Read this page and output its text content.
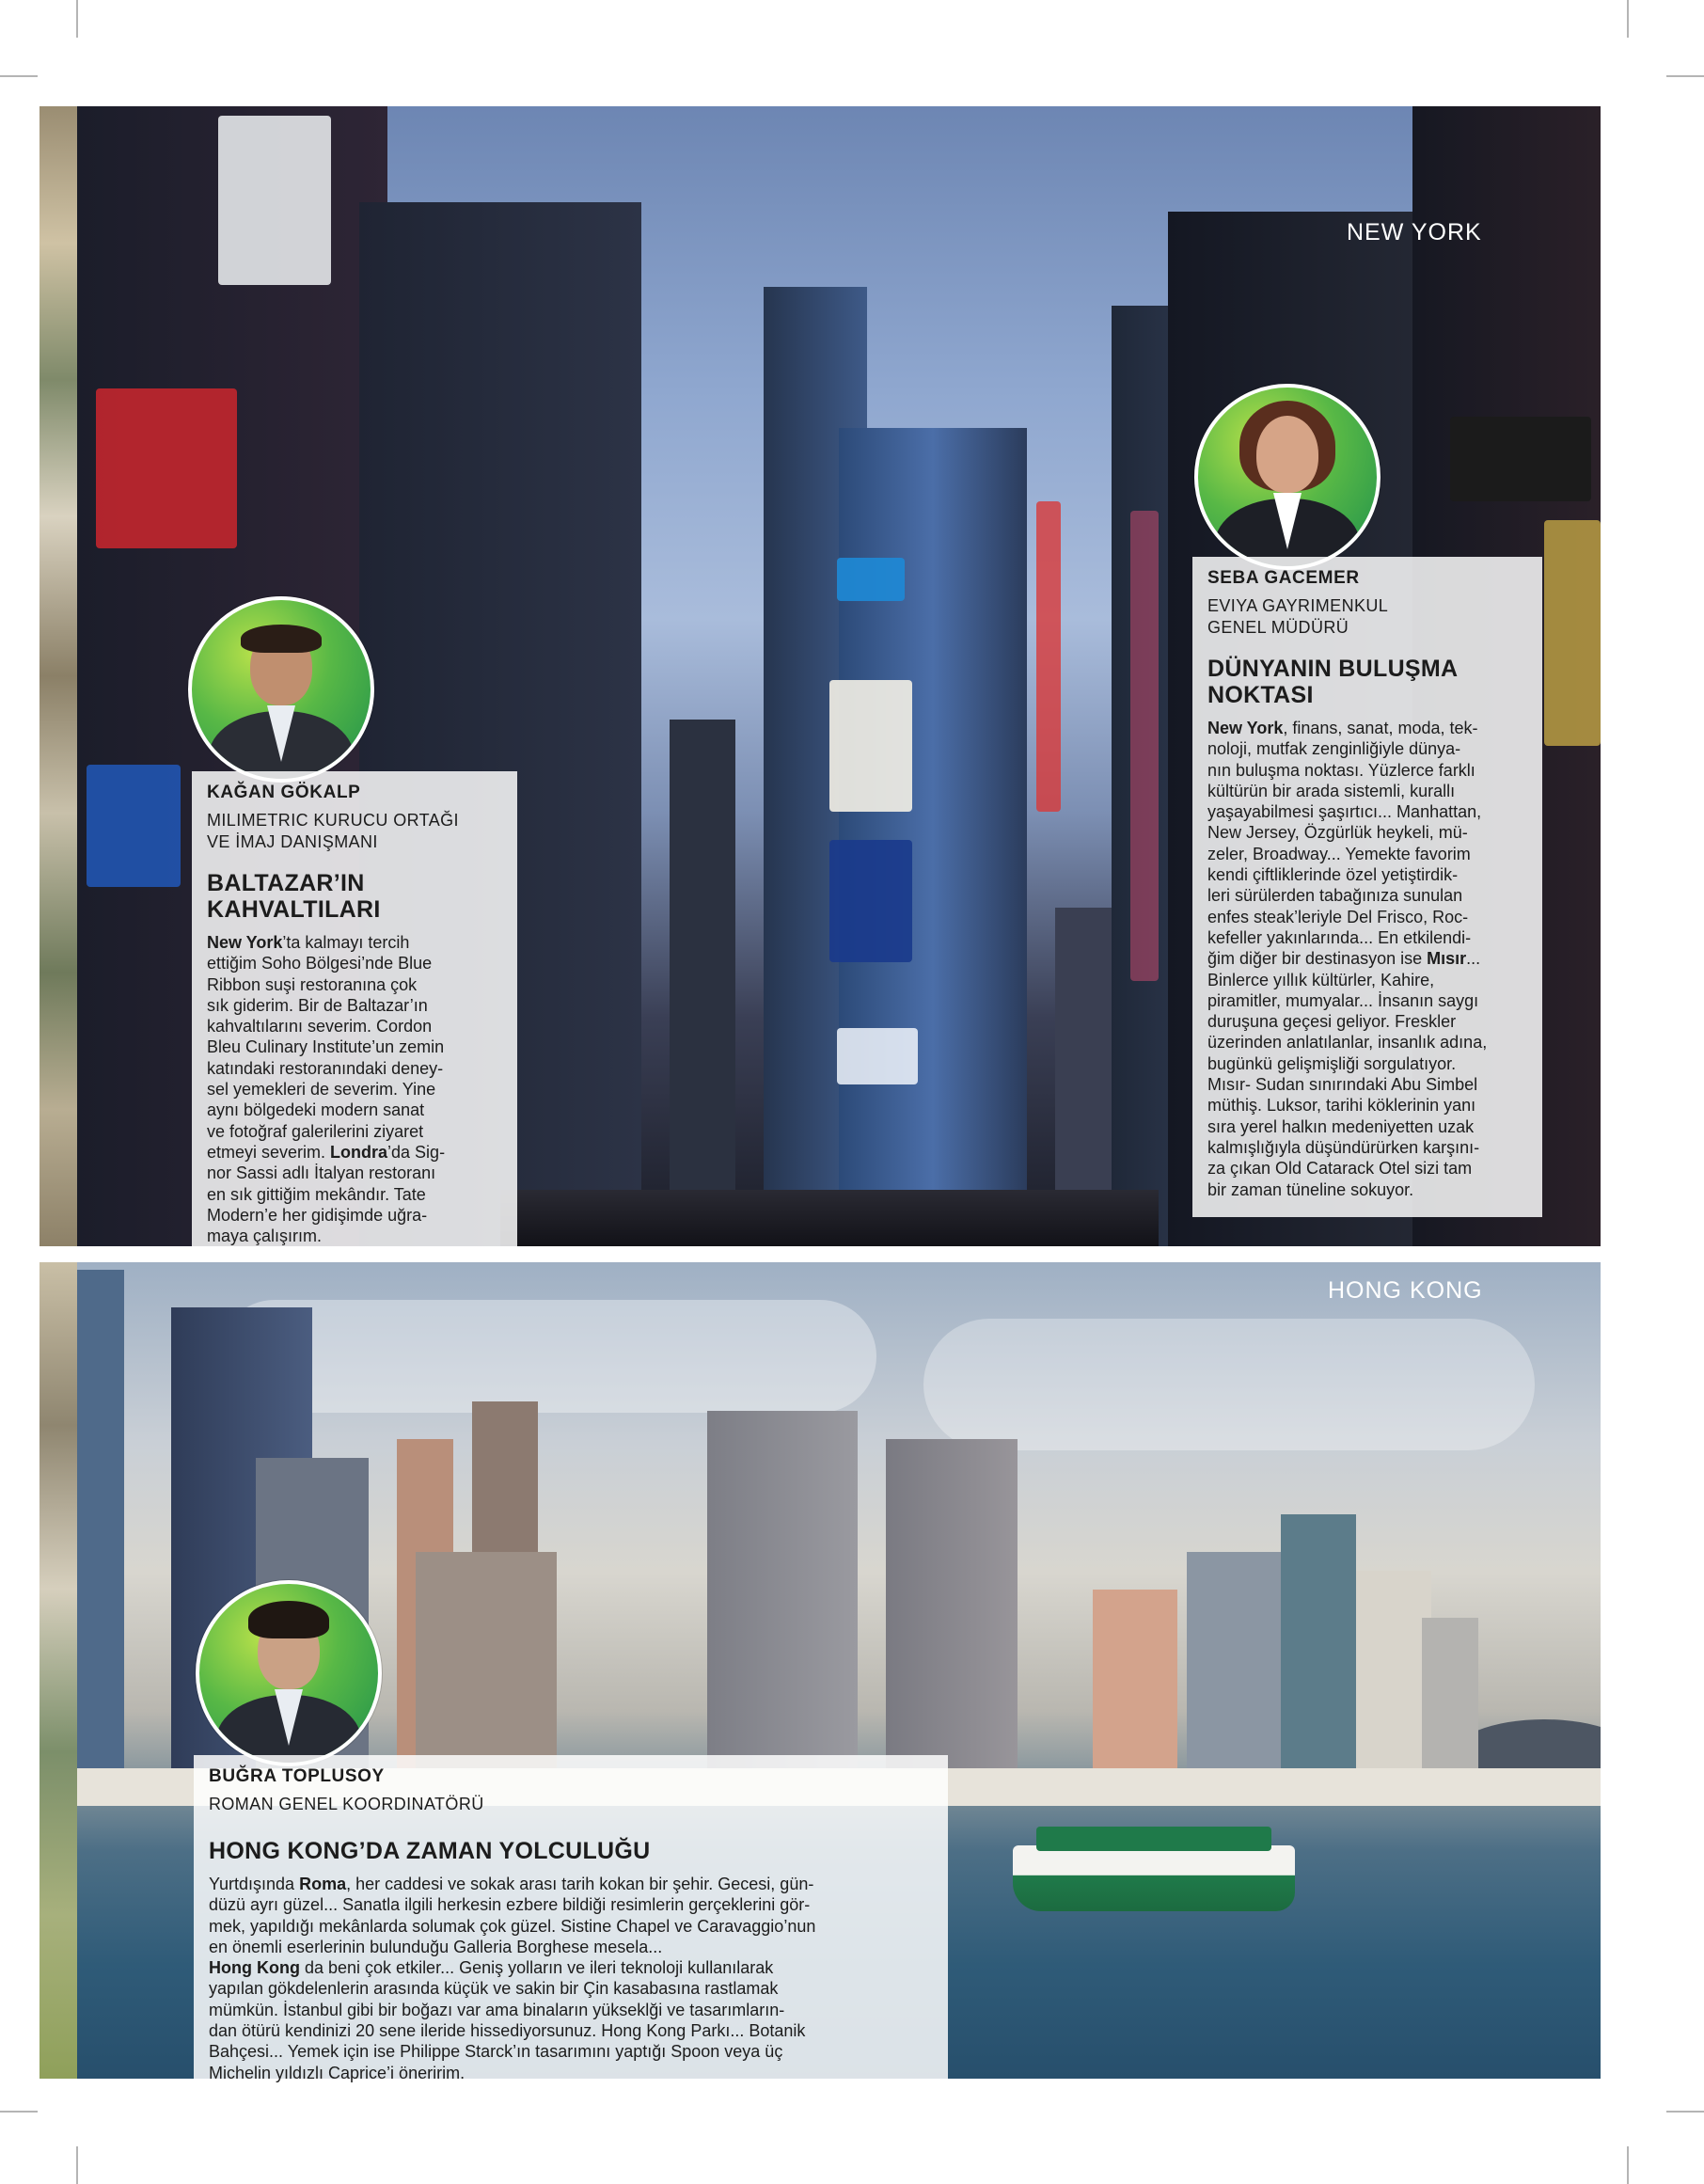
NEW YORK
HONG KONG

KAĞAN GÖKALP

MILIMETRIC KURUCU ORTAĞI
VE İMAJ DANIŞMANI

BALTAZAR’IN
KAHVALTILARI

New York’ta kalmayı tercih
ettiğim Soho Bölgesi’nde Blue
Ribbon suşi restoranına çok
sık giderim. Bir de Baltazar’ın
kahvaltılarını severim. Cordon
Bleu Culinary Institute’un zemin
katındaki restoranındaki deney-
sel yemekleri de severim. Yine
aynı bölgedeki modern sanat
ve fotoğraf galerilerini ziyaret
etmeyi severim. Londra’da Sig-
nor Sassi adlı İtalyan restoranı
en sık gittiğim mekândır. Tate
Modern’e her gidişimde uğra-
maya çalışırım.

SEBA GACEMER

EVIYA GAYRIMENKUL
GENEL MÜDÜRÜ

DÜNYANIN BULUŞMA
NOKTASI

New York, finans, sanat, moda, tek-
noloji, mutfak zenginliğiyle dünya-
nın buluşma noktası. Yüzlerce farklı
kültürün bir arada sistemli, kurallı
yaşayabilmesi şaşırtıcı... Manhattan,
New Jersey, Özgürlük heykeli, mü-
zeler, Broadway... Yemekte favorim
kendi çiftliklerinde özel yetiştirdik-
leri sürülerden tabağınıza sunulan
enfes steak’leriyle Del Frisco, Roc-
kefeller yakınlarında... En etkilendi-
ğim diğer bir destinasyon ise Mısır...
Binlerce yıllık kültürler, Kahire,
piramitler, mumyalar... İnsanın saygı
duruşuna geçesi geliyor. Freskler
üzerinden anlatılanlar, insanlık adına,
bugünkü gelişmişliği sorgulatıyor.
Mısır- Sudan sınırındaki Abu Simbel
müthiş. Luksor, tarihi köklerinin yanı
sıra yerel halkın medeniyetten uzak
kalmışlığıyla düşündürürken karşını-
za çıkan Old Catarack Otel sizi tam
bir zaman tüneline sokuyor.

BUĞRA TOPLUSOY

ROMAN GENEL KOORDINATÖRÜ

HONG KONG’DA ZAMAN YOLCULUĞU

Yurtdışında Roma, her caddesi ve sokak arası tarih kokan bir şehir. Gecesi, gün-
düzü ayrı güzel... Sanatla ilgili herkesin ezbere bildiği resimlerin gerçeklerini gör-
mek, yapıldığı mekânlarda solumak çok güzel. Sistine Chapel ve Caravaggio’nun
en önemli eserlerinin bulunduğu Galleria Borghese mesela...
Hong Kong da beni çok etkiler... Geniş yolların ve ileri teknoloji kullanılarak
yapılan gökdelenlerin arasında küçük ve sakin bir Çin kasabasına rastlamak
mümkün. İstanbul gibi bir boğazı var ama binaların yükseklği ve tasarımların-
dan ötürü kendinizi 20 sene ileride hissediyorsunuz. Hong Kong Parkı... Botanik
Bahçesi... Yemek için ise Philippe Starck’ın tasarımını yaptığı Spoon veya üç
Michelin yıldızlı Caprice’i öneririm.
